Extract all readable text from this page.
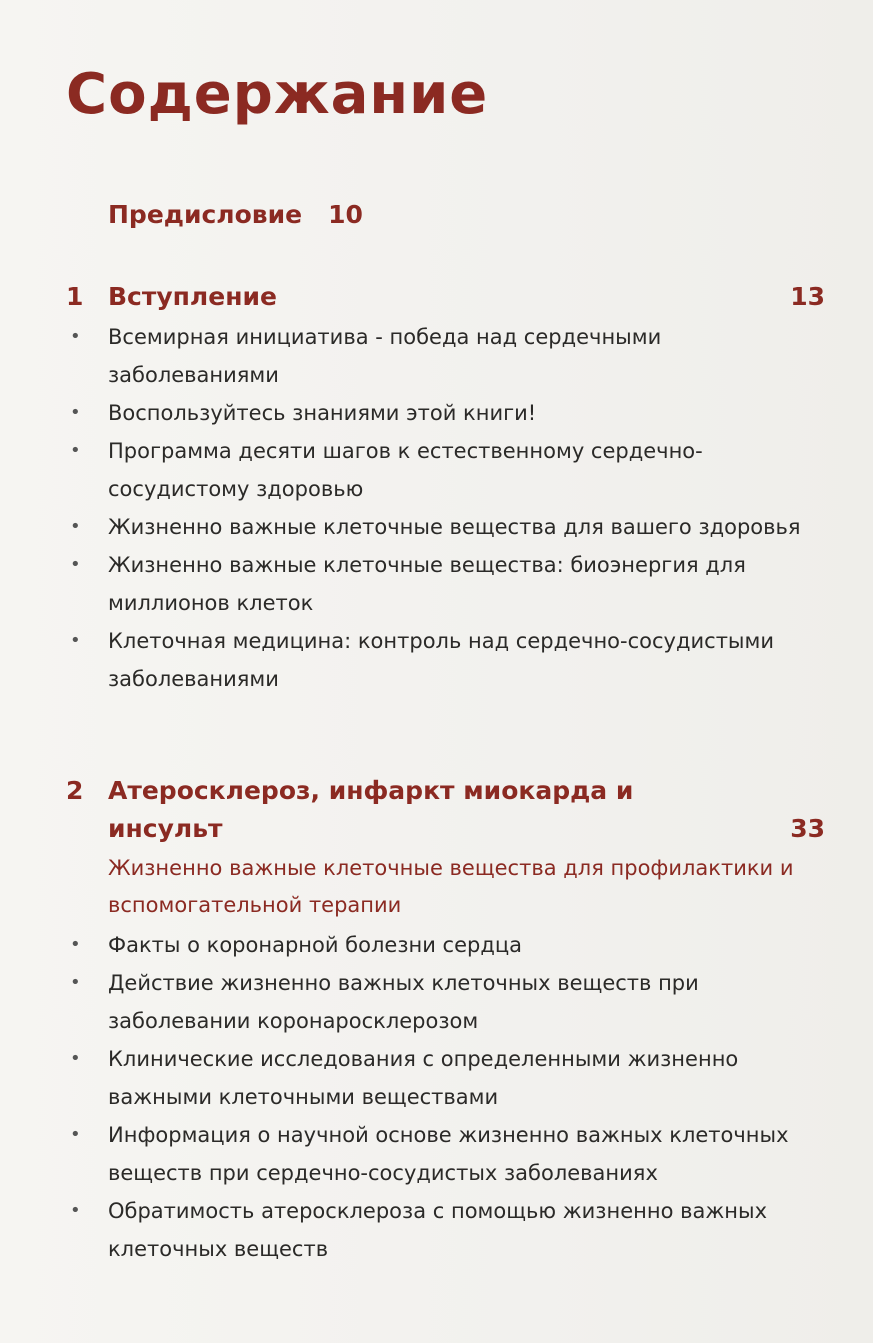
Содержание
Предисловие 10
1 Вступление	13
• Всемирная инициатива - победа над сердечными заболеваниями
• Воспользуйтесь знаниями этой книги!
• Программа десяти шагов к естественному сердечно-сосудистому здоровью
• Жизненно важные клеточные вещества для вашего здоровья
• Жизненно важные клеточные вещества: биоэнергия для миллионов клеток
• Клеточная медицина: контроль над сердечно-сосудистыми заболеваниями
2 Атеросклероз, инфаркт миокарда и инсульт	33
Жизненно важные клеточные вещества для профилактики и вспомогательной терапии
• Факты о коронарной болезни сердца
• Действие жизненно важных клеточных веществ при заболевании коронаросклерозом
• Клинические исследования с определенными жизненно важными клеточными веществами
• Информация о научной основе жизненно важных клеточных веществ при сердечно-сосудистых заболеваниях
• Обратимость атеросклероза с помощью жизненно важных клеточных веществ
